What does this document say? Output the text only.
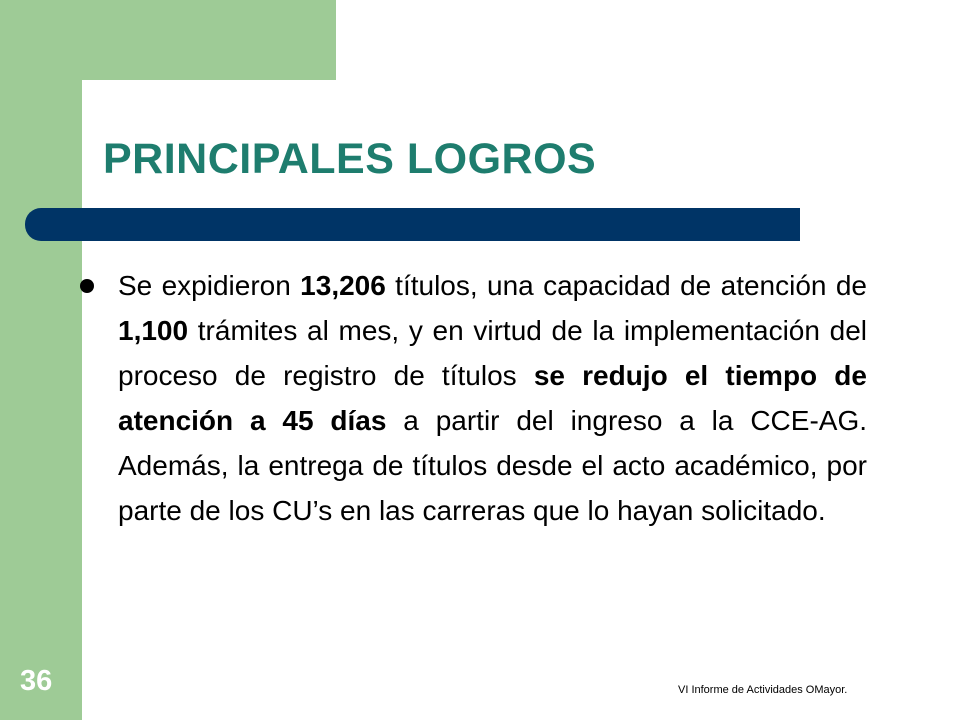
PRINCIPALES LOGROS

Se expidieron 13,206 títulos, una capacidad de atención de 1,100 trámites al mes, y en virtud de la implementación del proceso de registro de títulos se redujo el tiempo de atención a 45 días a partir del ingreso a la CCE-AG. Además, la entrega de títulos desde el acto académico, por parte de los CU’s en las carreras que lo hayan solicitado.

36	VI Informe de Actividades OMayor.
